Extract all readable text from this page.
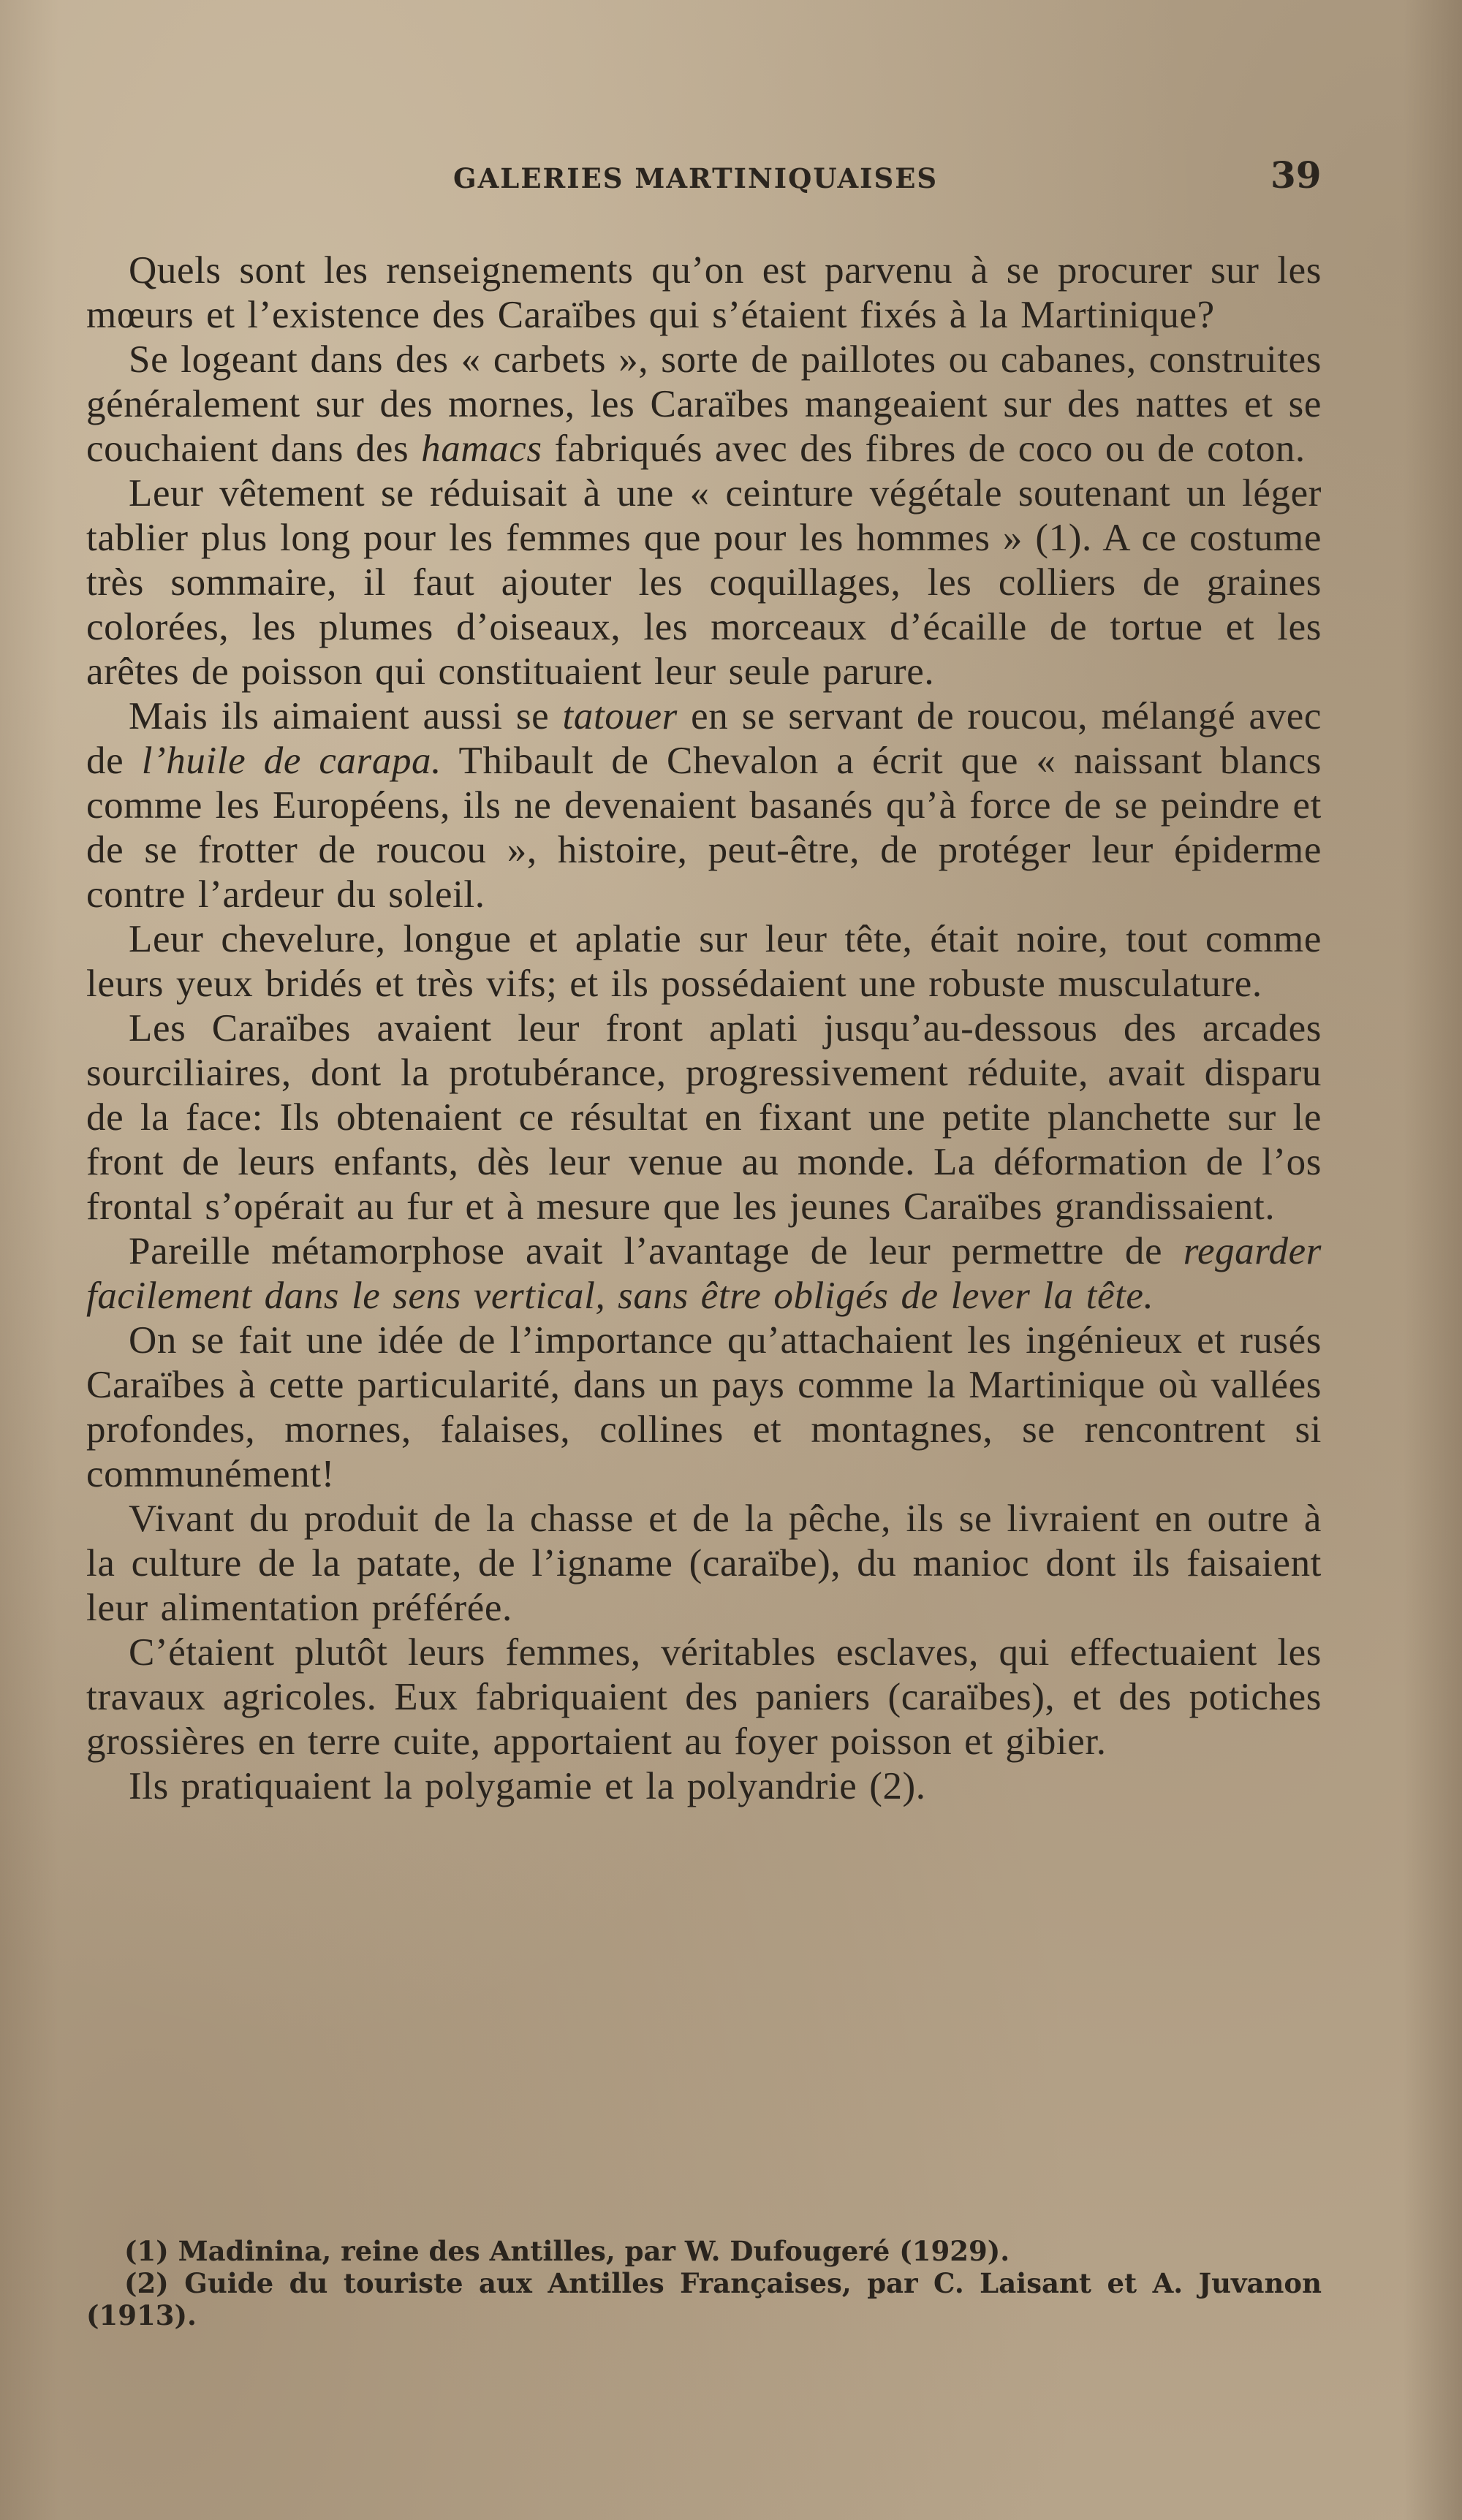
GALERIES MARTINIQUAISES	39

Quels sont les renseignements qu’on est parvenu à se procurer sur les mœurs et l’existence des Caraïbes qui s’étaient fixés à la Martinique?

Se logeant dans des « carbets », sorte de paillotes ou cabanes, construites généralement sur des mornes, les Caraïbes mangeaient sur des nattes et se couchaient dans des hamacs fabriqués avec des fibres de coco ou de coton.

Leur vêtement se réduisait à une « ceinture végétale soutenant un léger tablier plus long pour les femmes que pour les hommes » (1). A ce costume très sommaire, il faut ajouter les coquillages, les colliers de graines colorées, les plumes d’oiseaux, les morceaux d’écaille de tortue et les arêtes de poisson qui constituaient leur seule parure.

Mais ils aimaient aussi se tatouer en se servant de roucou, mélangé avec de l’huile de carapa. Thibault de Chevalon a écrit que « naissant blancs comme les Européens, ils ne devenaient basanés qu’à force de se peindre et de se frotter de roucou », histoire, peut-être, de protéger leur épiderme contre l’ardeur du soleil.

Leur chevelure, longue et aplatie sur leur tête, était noire, tout comme leurs yeux bridés et très vifs; et ils possédaient une robuste musculature.

Les Caraïbes avaient leur front aplati jusqu’au-dessous des arcades sourciliaires, dont la protubérance, progressivement réduite, avait disparu de la face: Ils obtenaient ce résultat en fixant une petite planchette sur le front de leurs enfants, dès leur venue au monde. La déformation de l’os frontal s’opérait au fur et à mesure que les jeunes Caraïbes grandissaient.

Pareille métamorphose avait l’avantage de leur permettre de regarder facilement dans le sens vertical, sans être obligés de lever la tête.

On se fait une idée de l’importance qu’attachaient les ingénieux et rusés Caraïbes à cette particularité, dans un pays comme la Martinique où vallées profondes, mornes, falaises, collines et montagnes, se rencontrent si communément!

Vivant du produit de la chasse et de la pêche, ils se livraient en outre à la culture de la patate, de l’igname (caraïbe), du manioc dont ils faisaient leur alimentation préférée.

C’étaient plutôt leurs femmes, véritables esclaves, qui effectuaient les travaux agricoles. Eux fabriquaient des paniers (caraïbes), et des potiches grossières en terre cuite, apportaient au foyer poisson et gibier.

Ils pratiquaient la polygamie et la polyandrie (2).

(1) Madinina, reine des Antilles, par W. Dufougeré (1929).

(2) Guide du touriste aux Antilles Françaises, par C. Laisant et A. Juvanon (1913).
